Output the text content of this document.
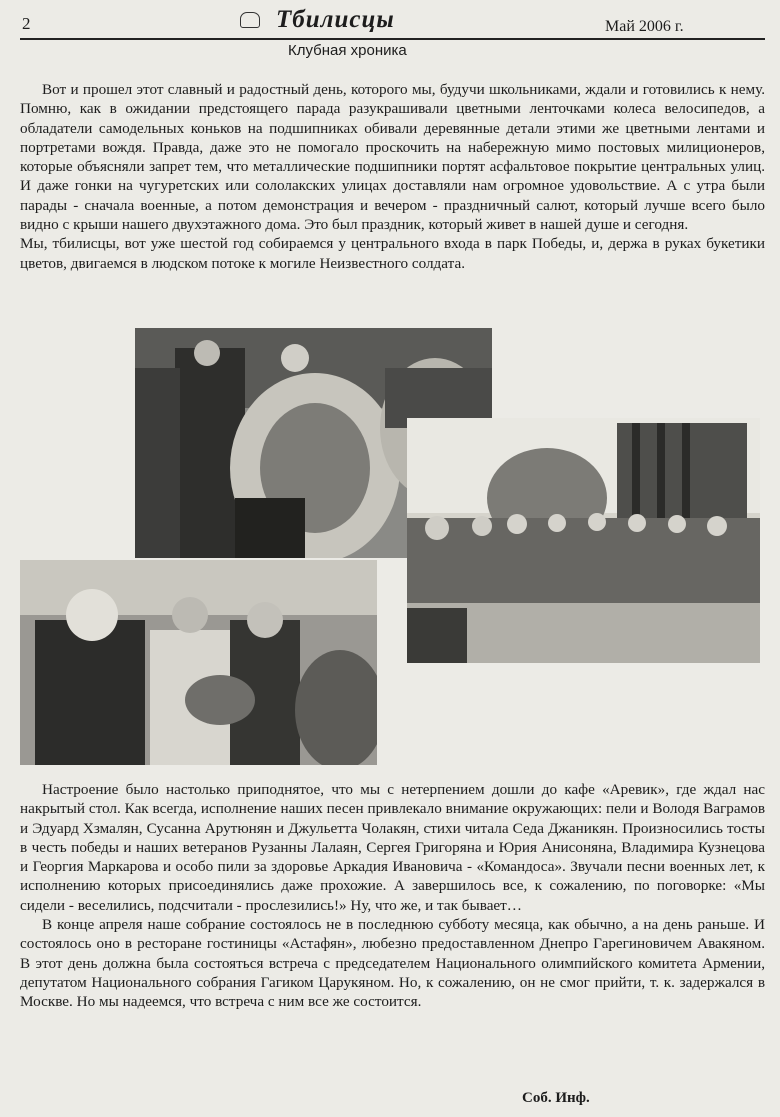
2	Тбилисцы	Май 2006 г.
Клубная хроника

Вот и прошел этот славный и радостный день, которого мы, будучи школьниками, ждали и готовились к нему. Помню, как в ожидании предстоящего парада разукрашивали цветными ленточками колеса велосипедов, а обладатели самодельных коньков на подшипниках обивали деревянные детали этими же цветными лентами и портретами вождя. Правда, даже это не помогало проскочить на набережную мимо постовых милиционеров, которые объясняли запрет тем, что металлические подшипники портят асфальтовое покрытие центральных улиц. И даже гонки на чугуретских или сололакских улицах доставляли нам огромное удовольствие. А с утра были парады - сначала военные, а потом демонстрация и вечером - праздничный салют, который лучше всего было видно с крыши нашего двухэтажного дома. Это был праздник, который живет в нашей душе и сегодня.

Мы, тбилисцы, вот уже шестой год собираемся у центрального входа в парк Победы, и, держа в руках букетики цветов, двигаемся в людском потоке к могиле Неизвестного солдата.

Настроение было настолько приподнятое, что мы с нетерпением дошли до кафе «Аревик», где ждал нас накрытый стол. Как всегда, исполнение наших песен привлекало внимание окружающих: пели и Володя Ваграмов и Эдуард Хзмалян, Сусанна Арутюнян и Джульетта Чолакян, стихи читала Седа Джаникян. Произносились тосты в честь победы и наших ветеранов Рузанны Лалаян, Сергея Григоряна и Юрия Анисоняна, Владимира Кузнецова и Георгия Маркарова и особо пили за здоровье Аркадия Ивановича - «Командоса». Звучали песни военных лет, к исполнению которых присоединялись даже прохожие. А завершилось все, к сожалению, по поговорке: «Мы сидели - веселились, подсчитали - прослезились!» Ну, что же, и так бывает…

В конце апреля наше собрание состоялось не в последнюю субботу месяца, как обычно, а на день раньше. И состоялось оно в ресторане гостиницы «Астафян», любезно предоставленном Днепро Гарегиновичем Авакяном. В этот день должна была состояться встреча с председателем Национального олимпийского комитета Армении, депутатом Национального собрания Гагиком Царукяном. Но, к сожалению, он не смог прийти, т. к. задержался в Москве. Но мы надеемся, что встреча с ним все же состоится.

Соб. Инф.
